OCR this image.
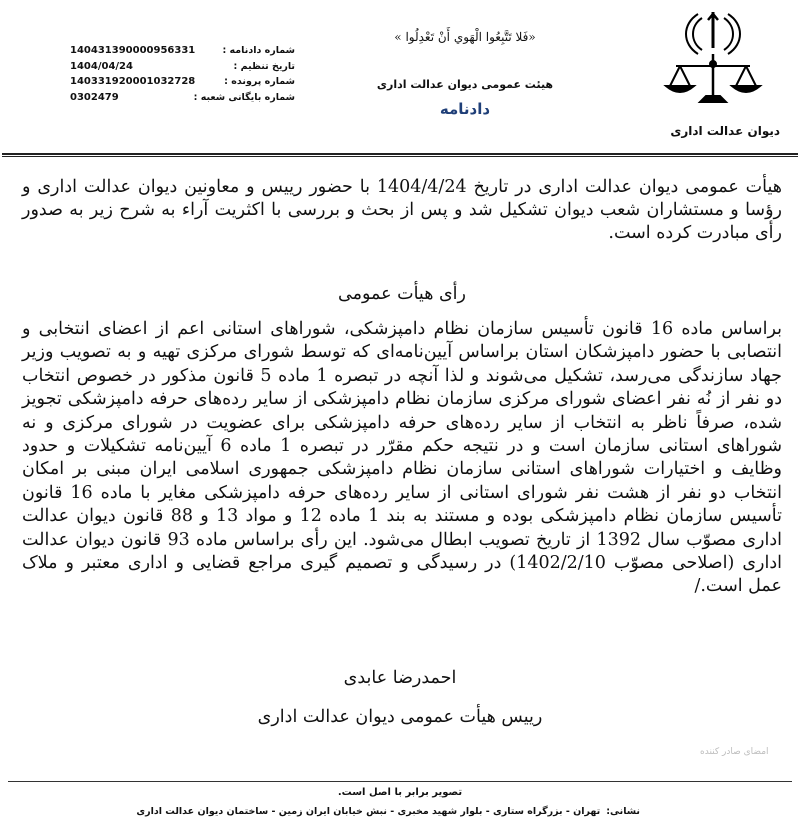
دیوان عدالت اداری
«فَلا تَتَّبِعُوا الْهَوي أَنْ تَعْدِلُوا »
هیئت عمومی دیوان عدالت اداری
دادنامه
شماره دادنامه :
140431390000956331
تاریخ تنظیم :
1404/04/24
شماره پرونده :
140331920001032728
شماره بایگانی شعبه :
0302479
هیأت عمومی دیوان عدالت اداری در تاریخ 1404/4/24 با حضور رییس و معاونین دیوان عدالت اداری و رؤسا و مستشاران شعب دیوان تشکیل شد و پس از بحث و بررسی با اکثریت آراء به شرح زیر به صدور رأی مبادرت کرده است.
رأی هیأت عمومی
براساس ماده 16 قانون تأسیس سازمان نظام دامپزشکی، شوراهای استانی اعم از اعضای انتخابی و انتصابی با حضور دامپزشکان استان براساس آیین‌نامه‌ای که توسط شورای مرکزی تهیه و به تصویب وزیر جهاد سازندگی می‌رسد، تشکیل می‌شوند و لذا آنچه در تبصره 1 ماده 5 قانون مذکور در خصوص انتخاب دو نفر از نُه نفر اعضای شورای مرکزی سازمان نظام دامپزشکی از سایر رده‌های حرفه دامپزشکی تجویز شده، صرفاً ناظر به انتخاب از سایر رده‌های حرفه دامپزشکی برای عضویت در شورای مرکزی و نه شوراهای استانی سازمان است و در نتیجه حکم مقرّر در تبصره 1 ماده 6 آیین‌نامه تشکیلات و حدود وظایف و اختیارات شوراهای استانی سازمان نظام دامپزشکی جمهوری اسلامی ایران مبنی بر امکان انتخاب دو نفر از هشت نفر شورای استانی از سایر رده‌های حرفه دامپزشکی مغایر با ماده 16 قانون تأسیس سازمان نظام دامپزشکی بوده و مستند به بند 1 ماده 12 و مواد 13 و 88 قانون دیوان عدالت اداری مصوّب سال 1392 از تاریخ تصویب ابطال می‌شود. این رأی براساس ماده 93 قانون دیوان عدالت اداری (اصلاحی مصوّب 1402/2/10) در رسیدگی و تصمیم گیری مراجع قضایی و اداری معتبر و ملاک عمل است./
احمدرضا عابدی
رییس هیأت عمومی دیوان عدالت اداری
امضای صادر کننده
تصویر برابر با اصل است.
نشانی:تهران - بزرگراه ستاری - بلوار شهید مخبری - نبش خیابان ایران زمین - ساختمان دیوان عدالت اداری
